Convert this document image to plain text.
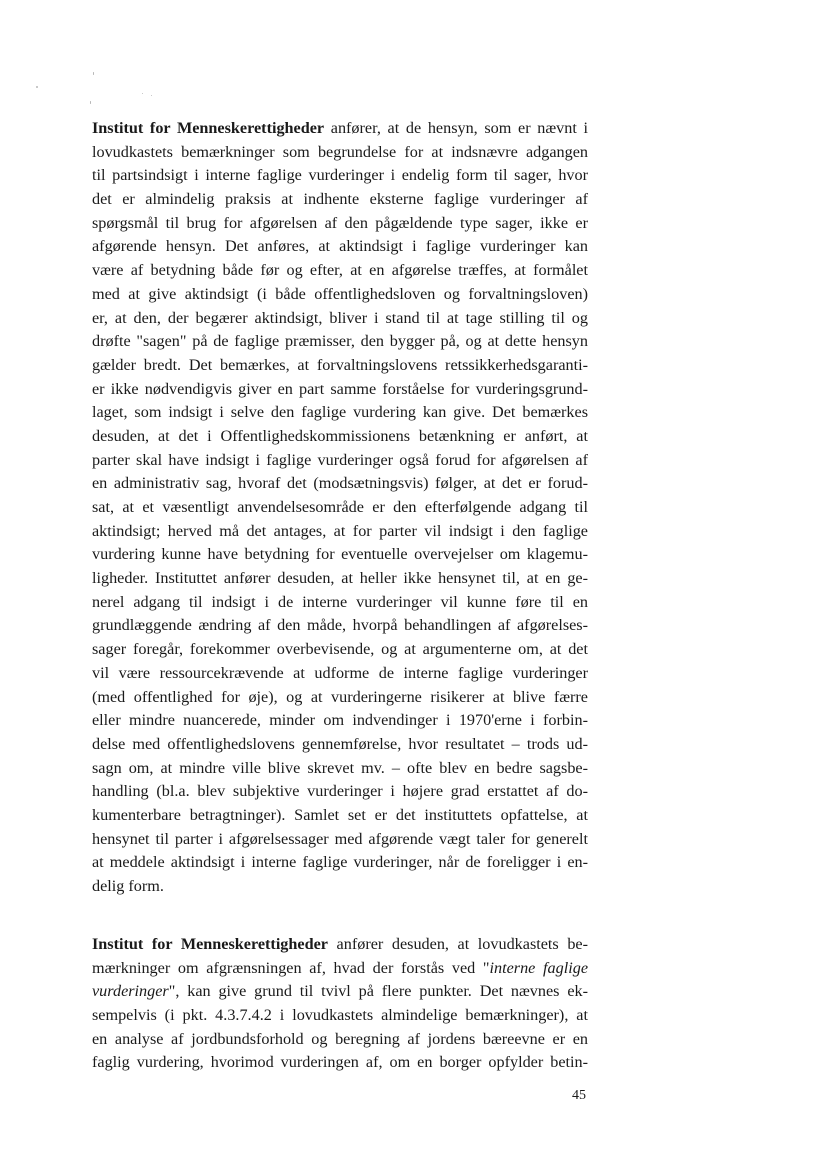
Institut for Menneskerettigheder anfører, at de hensyn, som er nævnt i
lovudkastets bemærkninger som begrundelse for at indsnævre adgangen
til partsindsigt i interne faglige vurderinger i endelig form til sager, hvor
det er almindelig praksis at indhente eksterne faglige vurderinger af
spørgsmål til brug for afgørelsen af den pågældende type sager, ikke er
afgørende hensyn. Det anføres, at aktindsigt i faglige vurderinger kan
være af betydning både før og efter, at en afgørelse træffes, at formålet
med at give aktindsigt (i både offentlighedsloven og forvaltningsloven)
er, at den, der begærer aktindsigt, bliver i stand til at tage stilling til og
drøfte "sagen" på de faglige præmisser, den bygger på, og at dette hensyn
gælder bredt. Det bemærkes, at forvaltningslovens retssikkerhedsgaranti-
er ikke nødvendigvis giver en part samme forståelse for vurderingsgrund-
laget, som indsigt i selve den faglige vurdering kan give. Det bemærkes
desuden, at det i Offentlighedskommissionens betænkning er anført, at
parter skal have indsigt i faglige vurderinger også forud for afgørelsen af
en administrativ sag, hvoraf det (modsætningsvis) følger, at det er forud-
sat, at et væsentligt anvendelsesområde er den efterfølgende adgang til
aktindsigt; herved må det antages, at for parter vil indsigt i den faglige
vurdering kunne have betydning for eventuelle overvejelser om klagemu-
ligheder. Instituttet anfører desuden, at heller ikke hensynet til, at en ge-
nerel adgang til indsigt i de interne vurderinger vil kunne føre til en
grundlæggende ændring af den måde, hvorpå behandlingen af afgørelses-
sager foregår, forekommer overbevisende, og at argumenterne om, at det
vil være ressourcekrævende at udforme de interne faglige vurderinger
(med offentlighed for øje), og at vurderingerne risikerer at blive færre
eller mindre nuancerede, minder om indvendinger i 1970'erne i forbin-
delse med offentlighedslovens gennemførelse, hvor resultatet – trods ud-
sagn om, at mindre ville blive skrevet mv. – ofte blev en bedre sagsbe-
handling (bl.a. blev subjektive vurderinger i højere grad erstattet af do-
kumenterbare betragtninger). Samlet set er det instituttets opfattelse, at
hensynet til parter i afgørelsessager med afgørende vægt taler for generelt
at meddele aktindsigt i interne faglige vurderinger, når de foreligger i en-
delig form.
Institut for Menneskerettigheder anfører desuden, at lovudkastets be-
mærkninger om afgrænsningen af, hvad der forstås ved "interne faglige
vurderinger", kan give grund til tvivl på flere punkter. Det nævnes ek-
sempelvis (i pkt. 4.3.7.4.2 i lovudkastets almindelige bemærkninger), at
en analyse af jordbundsforhold og beregning af jordens bæreevne er en
faglig vurdering, hvorimod vurderingen af, om en borger opfylder betin-
45
